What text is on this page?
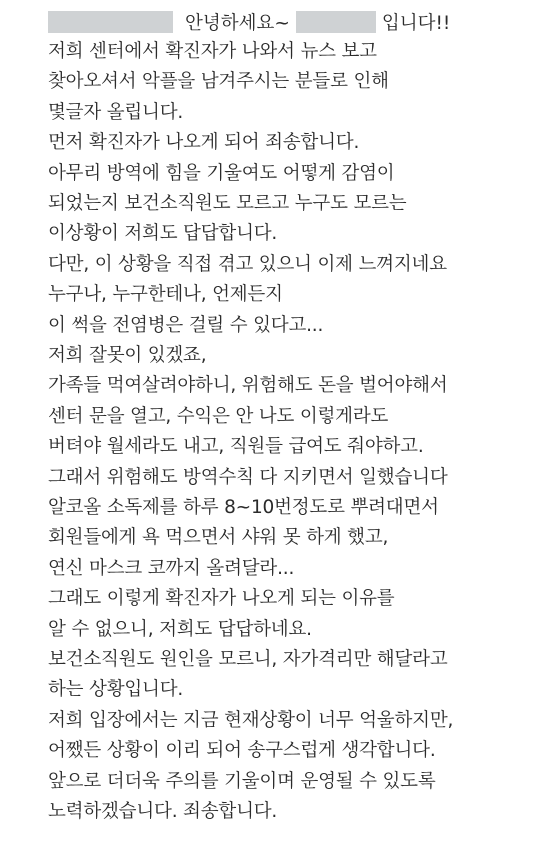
안녕하세요~	입니다!!
저희 센터에서 확진자가 나와서 뉴스 보고
찾아오셔서 악플을 남겨주시는 분들로 인해
몇글자 올립니다.
먼저 확진자가 나오게 되어 죄송합니다.
아무리 방역에 힘을 기울여도 어떻게 감염이
되었는지 보건소직원도 모르고 누구도 모르는
이상황이 저희도 답답합니다.
다만, 이 상황을 직접 겪고 있으니 이제 느껴지네요
누구나, 누구한테나, 언제든지
이 썩을 전염병은 걸릴 수 있다고...
저희 잘못이 있겠죠,
가족들 먹여살려야하니, 위험해도 돈을 벌어야해서
센터 문을 열고, 수익은 안 나도 이렇게라도
버텨야 월세라도 내고, 직원들 급여도 줘야하고.
그래서 위험해도 방역수칙 다 지키면서 일했습니다
알코올 소독제를 하루 8~10번정도로 뿌려대면서
회원들에게 욕 먹으면서 샤워 못 하게 했고,
연신 마스크 코까지 올려달라...
그래도 이렇게 확진자가 나오게 되는 이유를
알 수 없으니, 저희도 답답하네요.
보건소직원도 원인을 모르니, 자가격리만 해달라고
하는 상황입니다.
저희 입장에서는 지금 현재상황이 너무 억울하지만,
어쨌든 상황이 이리 되어 송구스럽게 생각합니다.
앞으로 더더욱 주의를 기울이며 운영될 수 있도록
노력하겠습니다. 죄송합니다.
